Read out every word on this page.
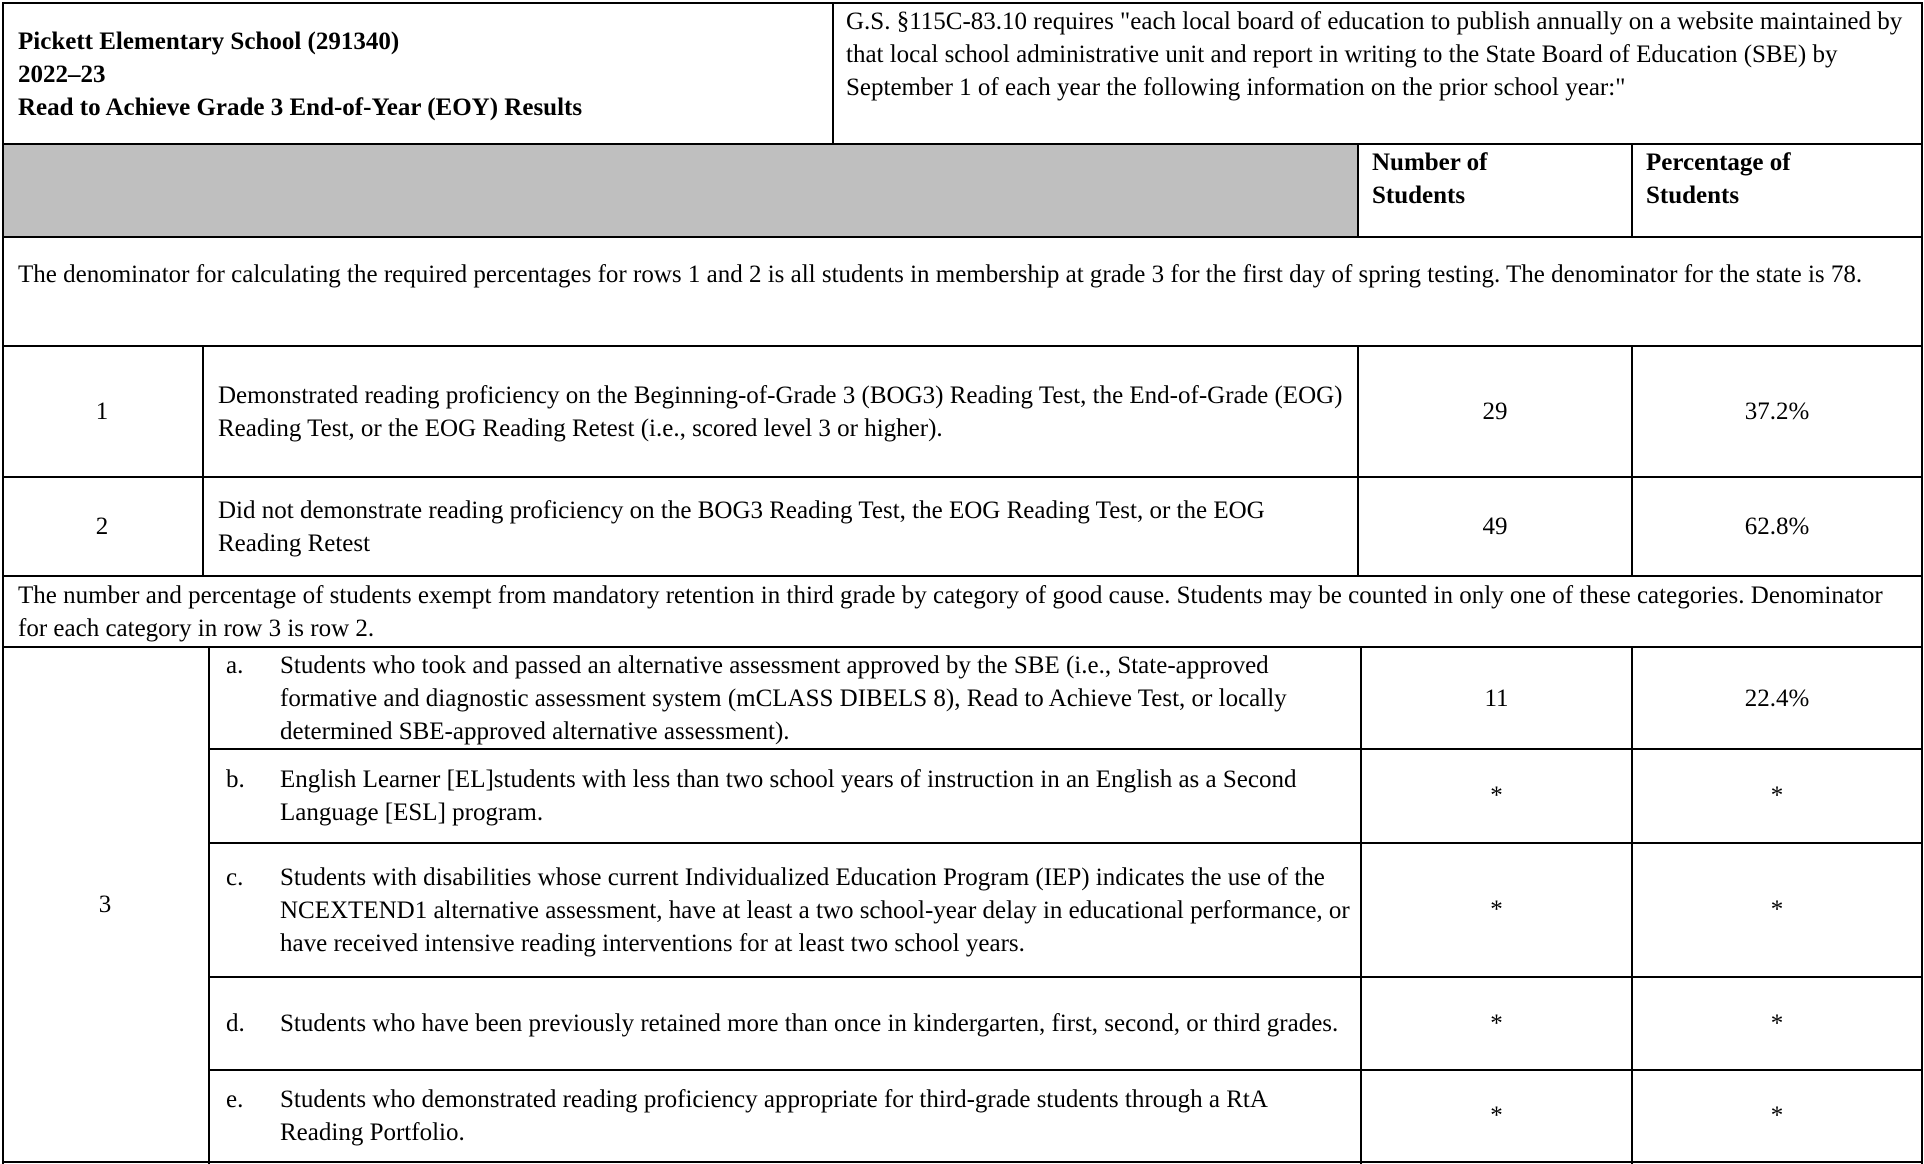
Pickett Elementary School (291340)
2022–23
Read to Achieve Grade 3 End-of-Year (EOY) Results
G.S. §115C-83.10 requires "each local board of education to publish annually on a website maintained by that local school administrative unit and report in writing to the State Board of Education (SBE) by September 1 of each year the following information on the prior school year:"
Number of Students
Percentage of Students
The denominator for calculating the required percentages for rows 1 and 2 is all students in membership at grade 3 for the first day of spring testing. The denominator for the state is 78.
1
Demonstrated reading proficiency on the Beginning-of-Grade 3 (BOG3) Reading Test, the End-of-Grade (EOG) Reading Test, or the EOG Reading Retest (i.e., scored level 3 or higher).
29	37.2%
2
Did not demonstrate reading proficiency on the BOG3 Reading Test, the EOG Reading Test, or the EOG Reading Retest
49	62.8%
The number and percentage of students exempt from mandatory retention in third grade by category of good cause. Students may be counted in only one of these categories. Denominator for each category in row 3 is row 2.
3
a. Students who took and passed an alternative assessment approved by the SBE (i.e., State-approved formative and diagnostic assessment system (mCLASS DIBELS 8), Read to Achieve Test, or locally determined SBE-approved alternative assessment).
11	22.4%
b. English Learner [EL]students with less than two school years of instruction in an English as a Second Language [ESL] program.
*	*
c. Students with disabilities whose current Individualized Education Program (IEP) indicates the use of the NCEXTEND1 alternative assessment, have at least a two school-year delay in educational performance, or have received intensive reading interventions for at least two school years.
*	*
d. Students who have been previously retained more than once in kindergarten, first, second, or third grades.	*	*
e. Students who demonstrated reading proficiency appropriate for third-grade students through a RtA Reading Portfolio.
*	*
